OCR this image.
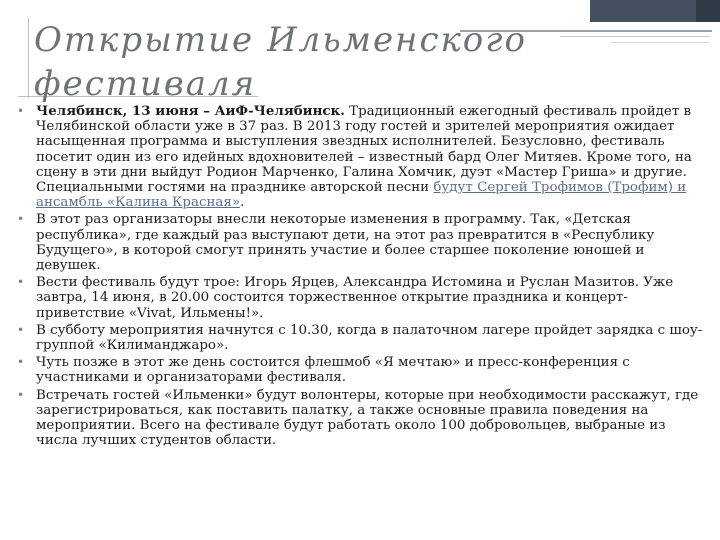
Открытие Ильменского фестиваля
• Челябинск, 13 июня – АиФ-Челябинск. Традиционный ежегодный фестиваль пройдет в Челябинской области уже в 37 раз. В 2013 году гостей и зрителей мероприятия ожидает насыщенная программа и выступления звездных исполнителей. Безусловно, фестиваль посетит один из его идейных вдохновителей – известный бард Олег Митяев. Кроме того, на сцену в эти дни выйдут Родион Марченко, Галина Хомчик, дуэт «Мастер Гриша» и другие. Специальными гостями на празднике авторской песни будут Сергей Трофимов (Трофим) и ансамбль «Калина Красная».
• В этот раз организаторы внесли некоторые изменения в программу. Так, «Детская республика», где каждый раз выступают дети, на этот раз превратится в «Республику Будущего», в которой смогут принять участие и более старшее поколение юношей и девушек.
• Вести фестиваль будут трое: Игорь Ярцев, Александра Истомина и Руслан Мазитов. Уже завтра, 14 июня, в 20.00 состоится торжественное открытие праздника и концерт-приветствие «Vivat, Ильмены!».
• В субботу мероприятия начнутся с 10.30, когда в палаточном лагере пройдет зарядка с шоу-группой «Килиманджаро».
• Чуть позже в этот же день состоится флешмоб «Я мечтаю» и пресс-конференция с участниками и организаторами фестиваля.
• Встречать гостей «Ильменки» будут волонтеры, которые при необходимости расскажут, где зарегистрироваться, как поставить палатку, а также основные правила поведения на мероприятии. Всего на фестивале будут работать около 100 добровольцев, выбраные из числа лучших студентов области.
